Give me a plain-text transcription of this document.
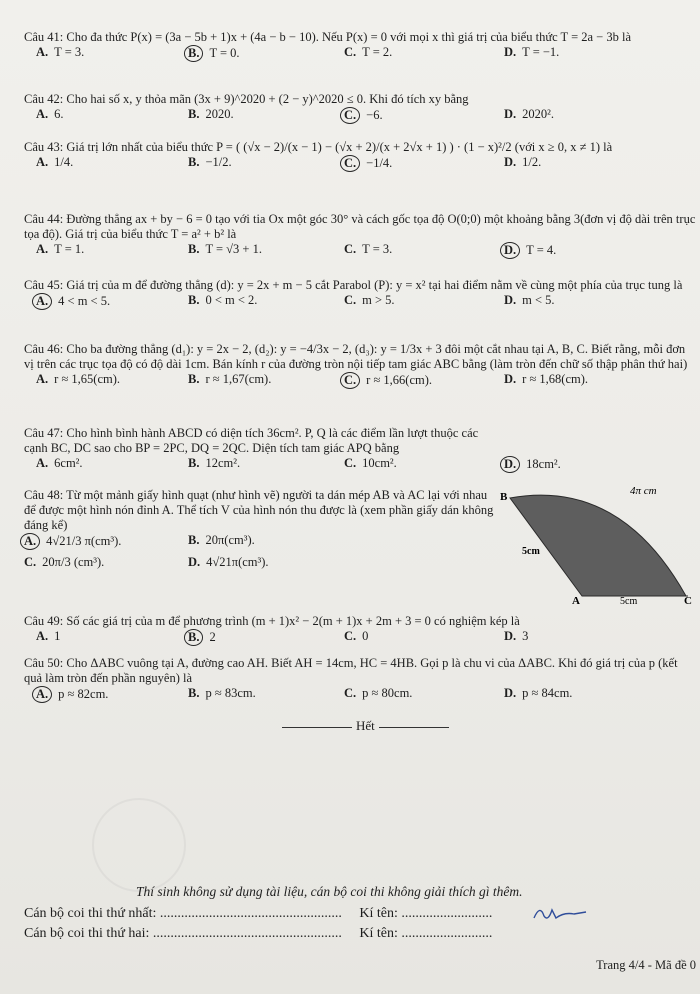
Câu 41: Cho đa thức P(x) = (3a − 5b + 1)x + (4a − b − 10). Nếu P(x) = 0 với mọi x thì giá trị của biểu thức T = 2a − 3b là
A. T = 3.	B. T = 0.	C. T = 2.	D. T = −1.
Câu 42: Cho hai số x, y thỏa mãn (3x + 9)^2020 + (2 − y)^2020 ≤ 0. Khi đó tích xy bằng
A. 6.	B. 2020.	C. −6.	D. 2020².
Câu 43: Giá trị lớn nhất của biểu thức P = ( (√x − 2)/(x − 1) − (√x + 2)/(x + 2√x + 1) ) · (1 − x)²/2 (với x ≥ 0, x ≠ 1) là
A. 1/4.	B. −1/2.	C. −1/4.	D. 1/2.
Câu 44: Đường thẳng ax + by − 6 = 0 tạo với tia Ox một góc 30° và cách gốc tọa độ O(0;0) một khoảng bằng 3(đơn vị độ dài trên trục tọa độ). Giá trị của biểu thức T = a² + b² là
A. T = 1.	B. T = √3 + 1.	C. T = 3.	D. T = 4.
Câu 45: Giá trị của m để đường thẳng (d): y = 2x + m − 5 cắt Parabol (P): y = x² tại hai điểm nằm về cùng một phía của trục tung là
A. 4 < m < 5.	B. 0 < m < 2.	C. m > 5.	D. m < 5.
Câu 46: Cho ba đường thẳng (d₁): y = 2x − 2, (d₂): y = −4/3x − 2, (d₃): y = 1/3x + 3 đôi một cắt nhau tại A, B, C. Biết rằng, mỗi đơn vị trên các trục tọa độ có độ dài 1cm. Bán kính r của đường tròn nội tiếp tam giác ABC bằng (làm tròn đến chữ số thập phân thứ hai)
A. r ≈ 1,65(cm).	B. r ≈ 1,67(cm).	C. r ≈ 1,66(cm).	D. r ≈ 1,68(cm).
Câu 47: Cho hình bình hành ABCD có diện tích 36cm². P, Q là các điểm lần lượt thuộc các cạnh BC, DC sao cho BP = 2PC, DQ = 2QC. Diện tích tam giác APQ bằng
A. 6cm².	B. 12cm².	C. 10cm².	D. 18cm².
Câu 48: Từ một mảnh giấy hình quạt (như hình vẽ) người ta dán mép AB và AC lại với nhau để được một hình nón đỉnh A. Thể tích V của hình nón thu được là (xem phần giấy dán không đáng kể)
A. 4√21/3 π(cm³).	B. 20π(cm³).
C. 20π/3 (cm³).	D. 4√21π(cm³).
Câu 49: Số các giá trị của m để phương trình (m + 1)x² − 2(m + 1)x + 2m + 3 = 0 có nghiệm kép là
A. 1	B. 2	C. 0	D. 3
Câu 50: Cho ΔABC vuông tại A, đường cao AH. Biết AH = 14cm, HC = 4HB. Gọi p là chu vi của ΔABC. Khi đó giá trị của p (kết quả làm tròn đến phần nguyên) là
A. p ≈ 82cm.	B. p ≈ 83cm.	C. p ≈ 80cm.	D. p ≈ 84cm.
B	4π cm
5cm
A	5cm	C
Hết
Thí sinh không sử dụng tài liệu, cán bộ coi thi không giải thích gì thêm.
Cán bộ coi thi thứ nhất: .................................................... Kí tên: ..........................
Cán bộ coi thi thứ hai: ...................................................... Kí tên: ..........................
Trang 4/4 - Mã đề 0
